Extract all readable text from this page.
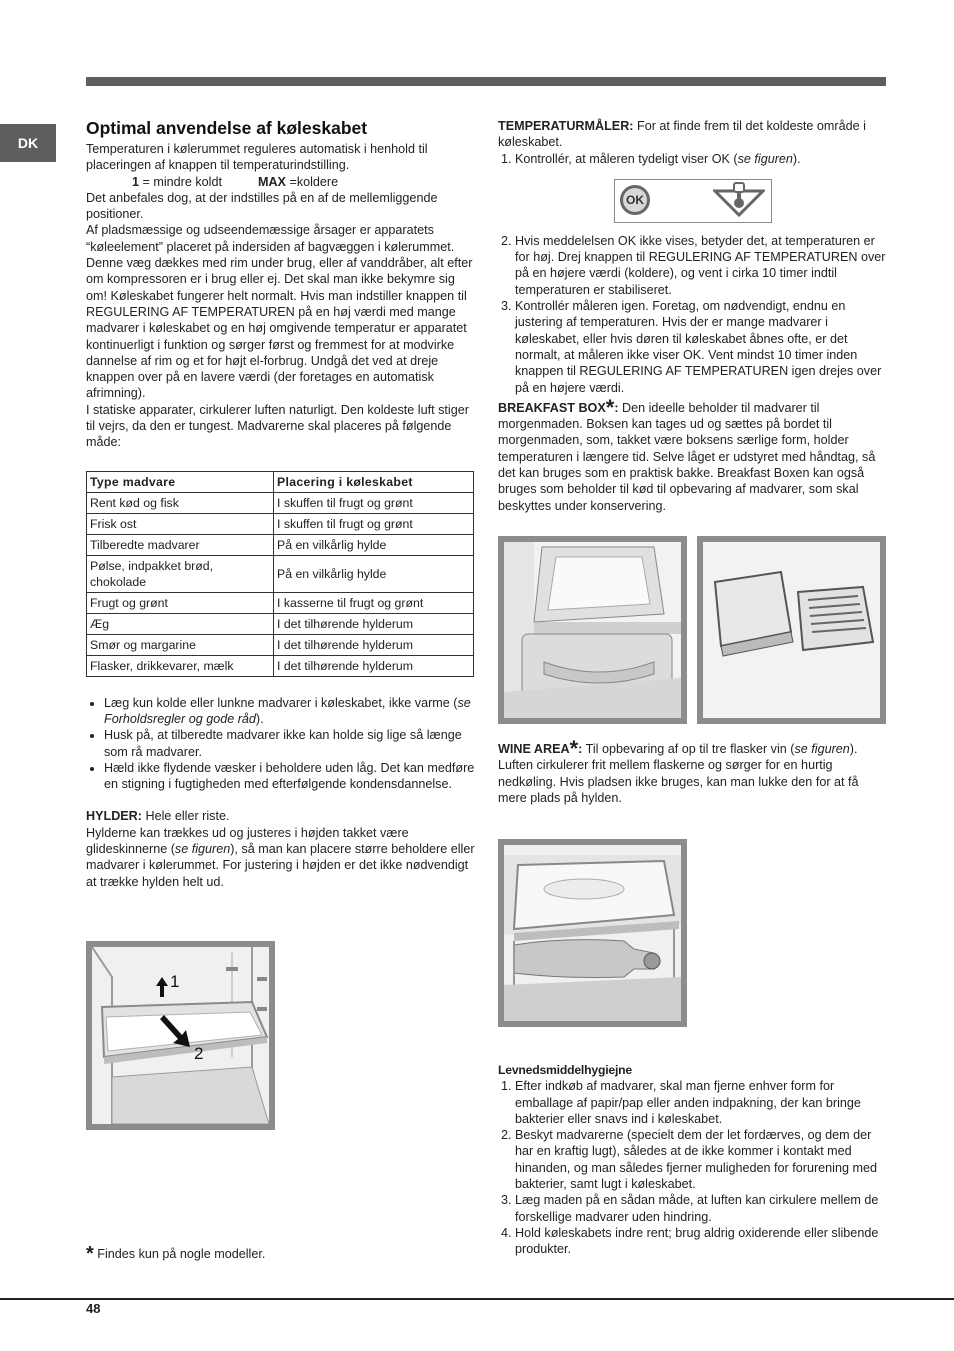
DK
Optimal anvendelse af køleskabet

Temperaturen i kølerummet reguleres automatisk i henhold til placeringen af knappen til temperaturindstilling.

1 = mindre koldt	MAX =koldere

Det anbefales dog, at der indstilles på en af de mellemliggende positioner.

Af pladsmæssige og udseendemæssige årsager er apparatets “køleelement” placeret på indersiden af bagvæggen i kølerummet. Denne væg dækkes med rim under brug, eller af vanddråber, alt efter om kompressoren er i brug eller ej. Det skal man ikke bekymre sig om! Køleskabet fungerer helt normalt. Hvis man indstiller knappen til REGULERING AF TEMPERATUREN på en høj værdi med mange madvarer i køleskabet og en høj omgivende temperatur er apparatet kontinuerligt i funktion og sørger først og fremmest for at modvirke dannelse af rim og et for højt el-forbrug. Undgå det ved at dreje knappen over på en lavere værdi (der foretages en automatisk afrimning).

I statiske apparater, cirkulerer luften naturligt. Den koldeste luft stiger til vejrs, da den er tungest. Madvarerne skal placeres på følgende måde:

Type madvare	Placering i køleskabet
Rent kød og fisk	I skuffen til frugt og grønt
Frisk ost	I skuffen til frugt og grønt
Tilberedte madvarer	På en vilkårlig hylde
Pølse, indpakket brød, chokolade	På en vilkårlig hylde
Frugt og grønt	I kasserne til frugt og grønt
Æg	I det tilhørende hylderum
Smør og margarine	I det tilhørende hylderum
Flasker, drikkevarer, mælk	I det tilhørende hylderum
• Læg kun kolde eller lunkne madvarer i køleskabet, ikke varme (se Forholdsregler og gode råd).
• Husk på, at tilberedte madvarer ikke kan holde sig lige så længe som rå madvarer.
• Hæld ikke flydende væsker i beholdere uden låg. Det kan medføre en stigning i fugtigheden med efterfølgende kondensdannelse.

HYLDER: Hele eller riste.

Hylderne kan trækkes ud og justeres i højden takket være glideskinnerne (se figuren), så man kan placere større beholdere eller madvarer i kølerummet. For justering i højden er det ikke nødvendigt at trække hylden helt ud.

1
2
* Findes kun på nogle modeller.

TEMPERATURMÅLER: For at finde frem til det koldeste område i køleskabet.

1. Kontrollér, at måleren tydeligt viser OK (se figuren).
OK
2. Hvis meddelelsen OK ikke vises, betyder det, at temperaturen er for høj. Drej knappen til REGULERING AF TEMPERATUREN over på en højere værdi (koldere), og vent i cirka 10 timer indtil temperaturen er stabiliseret.
3. Kontrollér måleren igen. Foretag, om nødvendigt, endnu en justering af temperaturen. Hvis der er mange madvarer i køleskabet, eller hvis døren til køleskabet åbnes ofte, er det normalt, at måleren ikke viser OK. Vent mindst 10 timer inden knappen til REGULERING AF TEMPERATUREN igen drejes over på en højere værdi.

BREAKFAST BOX*: Den ideelle beholder til madvarer til morgenmaden. Boksen kan tages ud og sættes på bordet til morgenmaden, som, takket være boksens særlige form, holder temperaturen i længere tid. Selve låget er udstyret med håndtag, så det kan bruges som en praktisk bakke. Breakfast Boxen kan også bruges som beholder til kød til opbevaring af madvarer, som skal beskyttes under konservering.

WINE AREA*: Til opbevaring af op til tre flasker vin (se figuren).

Luften cirkulerer frit mellem flaskerne og sørger for en hurtig nedkøling. Hvis pladsen ikke bruges, kan man lukke den for at få mere plads på hylden.

Levnedsmiddelhygiejne

1. Efter indkøb af madvarer, skal man fjerne enhver form for emballage af papir/pap eller anden indpakning, der kan bringe bakterier eller snavs ind i køleskabet.
2. Beskyt madvarerne (specielt dem der let fordærves, og dem der har en kraftig lugt), således at de ikke kommer i kontakt med hinanden, og man således fjerner muligheden for forurening med bakterier, samt lugt i køleskabet.
3. Læg maden på en sådan måde, at luften kan cirkulere mellem de forskellige madvarer uden hindring.
4. Hold køleskabets indre rent; brug aldrig oxiderende eller slibende produkter.
48
